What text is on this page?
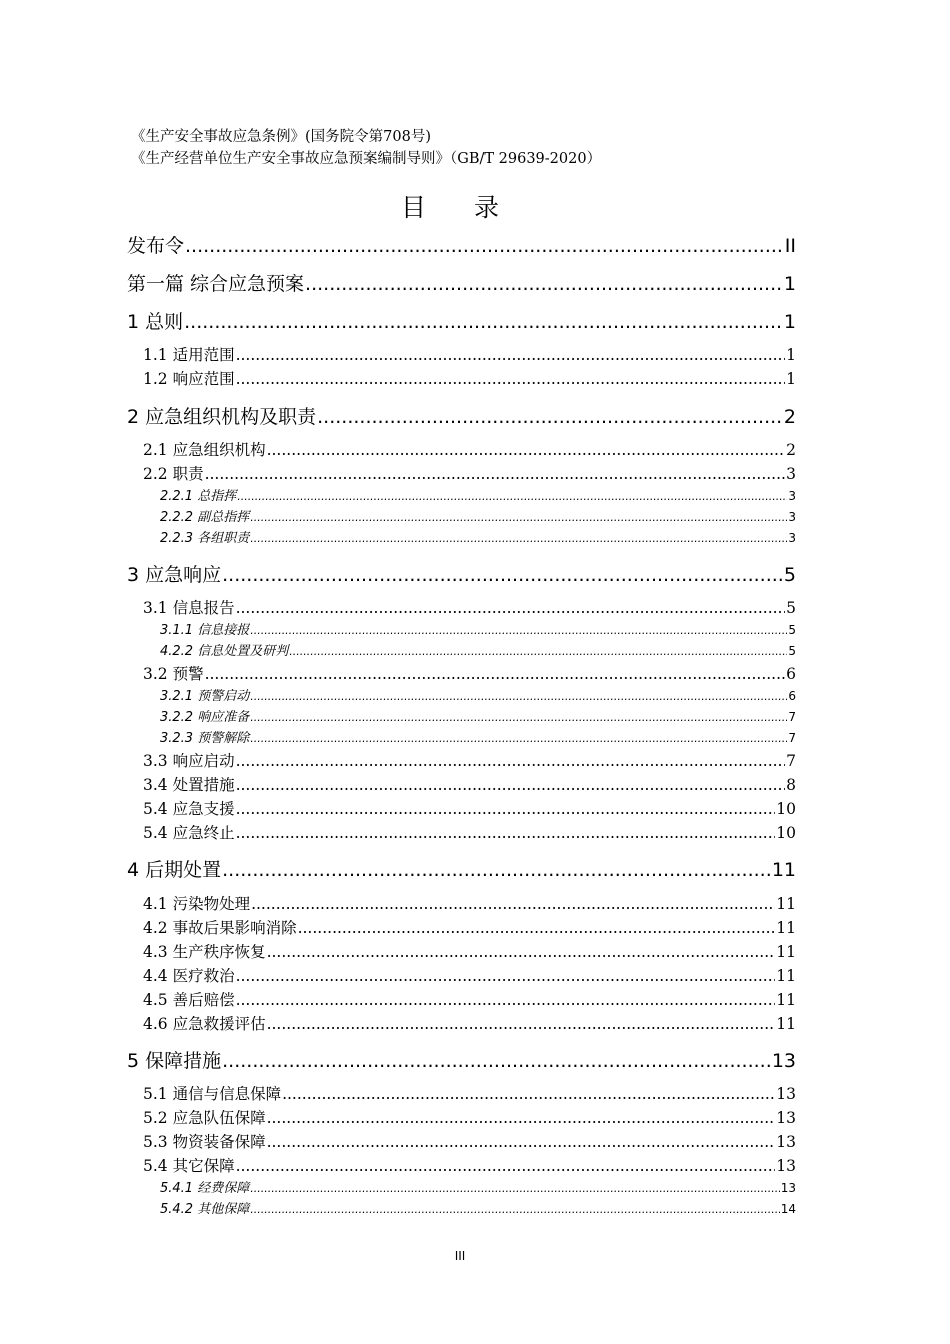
《生产安全事故应急条例》(国务院令第708号)
《生产经营单位生产安全事故应急预案编制导则》（GB/T 29639-2020）
目 录
发布令 .....	II
第一篇 综合应急预案 .....	1
1 总则 .....	1
1.1 适用范围 .....	1
1.2 响应范围 .....	1
2 应急组织机构及职责 .....	2
2.1 应急组织机构 .....	2
2.2 职责 .....	3
2.2.1 总指挥 .....	3
2.2.2 副总指挥 .....	3
2.2.3 各组职责 .....	3
3 应急响应 .....	5
3.1 信息报告 .....	5
3.1.1 信息接报 .....	5
4.2.2 信息处置及研判 .....	5
3.2 预警 .....	6
3.2.1 预警启动 .....	6
3.2.2 响应准备 .....	7
3.2.3 预警解除 .....	7
3.3 响应启动 .....	7
3.4 处置措施 .....	8
5.4 应急支援 .....	10
5.4 应急终止 .....	10
4 后期处置 .....	11
4.1 污染物处理 .....	11
4.2 事故后果影响消除 .....	11
4.3 生产秩序恢复 .....	11
4.4 医疗救治 .....	11
4.5 善后赔偿 .....	11
4.6 应急救援评估 .....	11
5 保障措施 .....	13
5.1 通信与信息保障 .....	13
5.2 应急队伍保障 .....	13
5.3 物资装备保障 .....	13
5.4 其它保障 .....	13
5.4.1 经费保障 .....	13
5.4.2 其他保障 .....	14
III
